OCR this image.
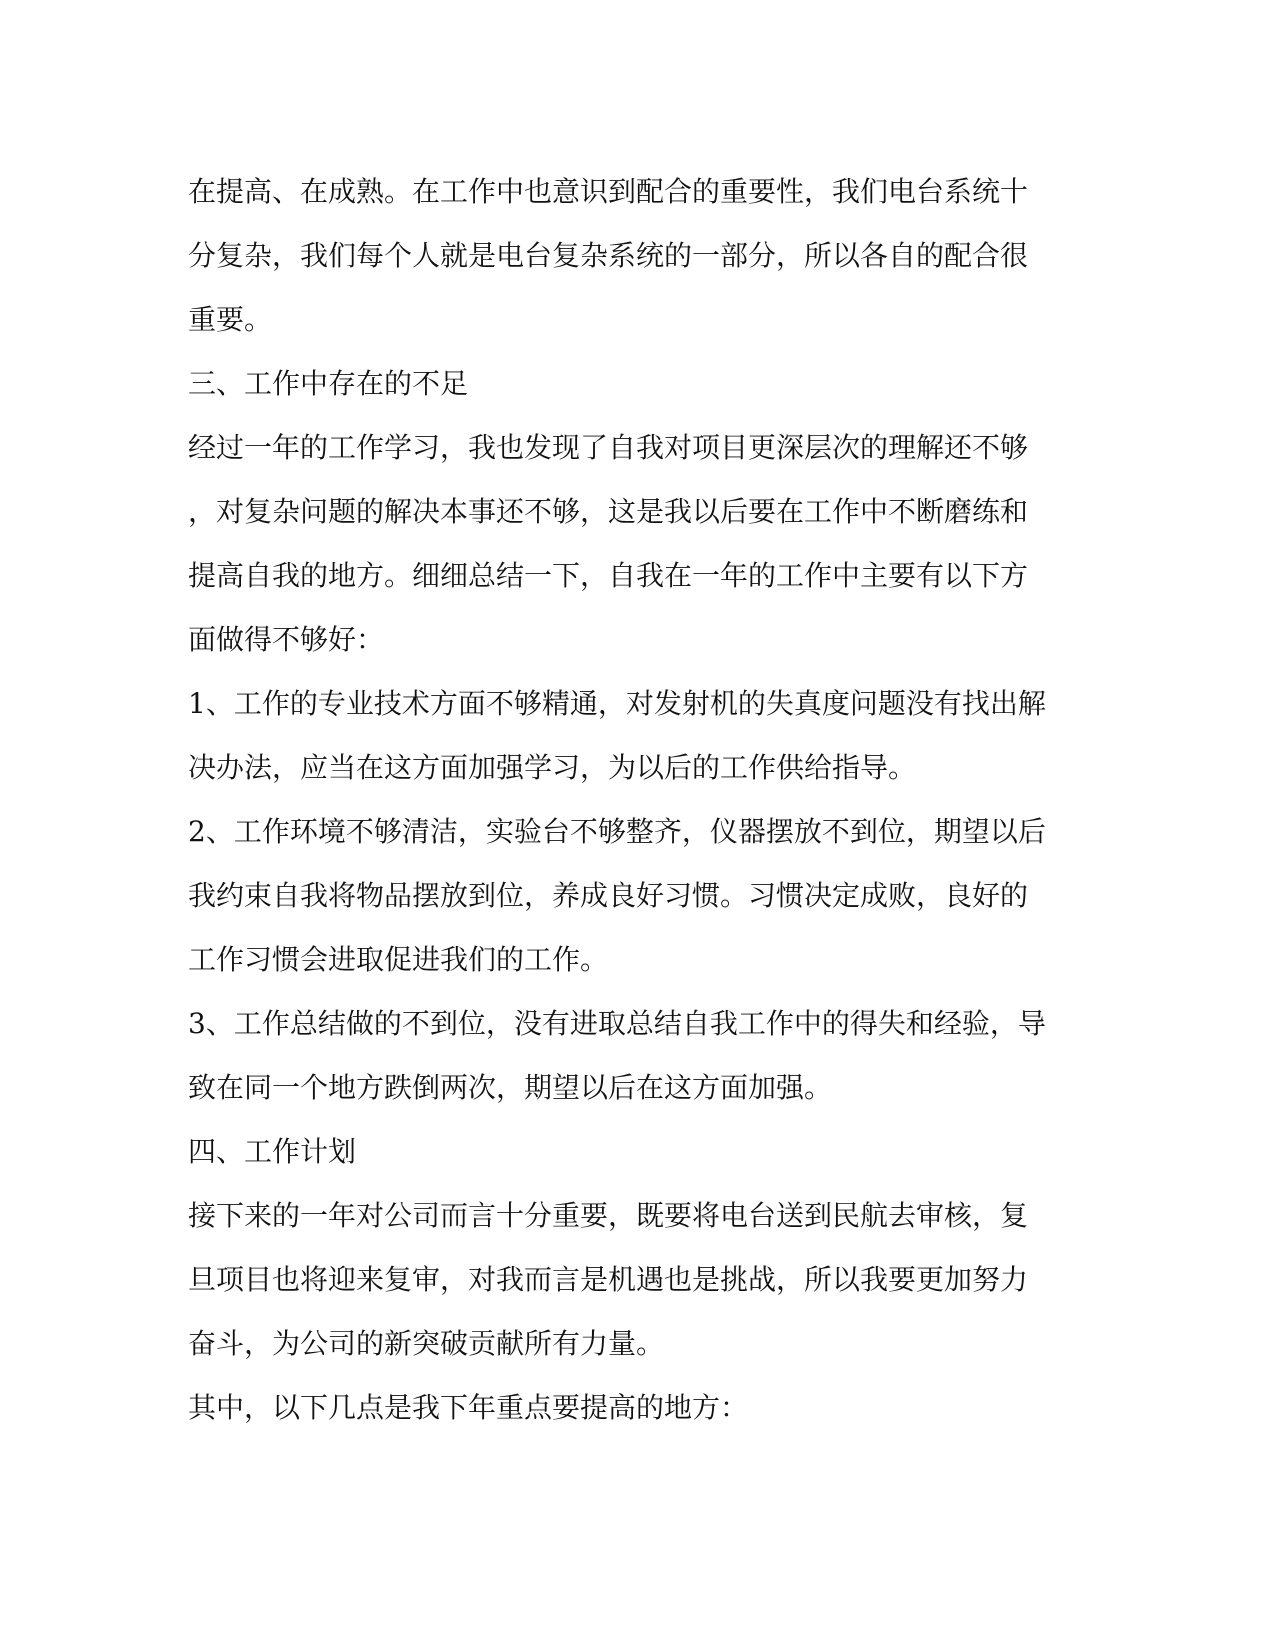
在提高、在成熟。在工作中也意识到配合的重要性，我们电台系统十
分复杂，我们每个人就是电台复杂系统的一部分，所以各自的配合很
重要。

三、工作中存在的不足

经过一年的工作学习，我也发现了自我对项目更深层次的理解还不够
，对复杂问题的解决本事还不够，这是我以后要在工作中不断磨练和
提高自我的地方。细细总结一下，自我在一年的工作中主要有以下方
面做得不够好：

1、工作的专业技术方面不够精通，对发射机的失真度问题没有找出解
决办法，应当在这方面加强学习，为以后的工作供给指导。

2、工作环境不够清洁，实验台不够整齐，仪器摆放不到位，期望以后
我约束自我将物品摆放到位，养成良好习惯。习惯决定成败，良好的
工作习惯会进取促进我们的工作。

3、工作总结做的不到位，没有进取总结自我工作中的得失和经验，导
致在同一个地方跌倒两次，期望以后在这方面加强。

四、工作计划

接下来的一年对公司而言十分重要，既要将电台送到民航去审核，复
旦项目也将迎来复审，对我而言是机遇也是挑战，所以我要更加努力
奋斗，为公司的新突破贡献所有力量。

其中，以下几点是我下年重点要提高的地方：
